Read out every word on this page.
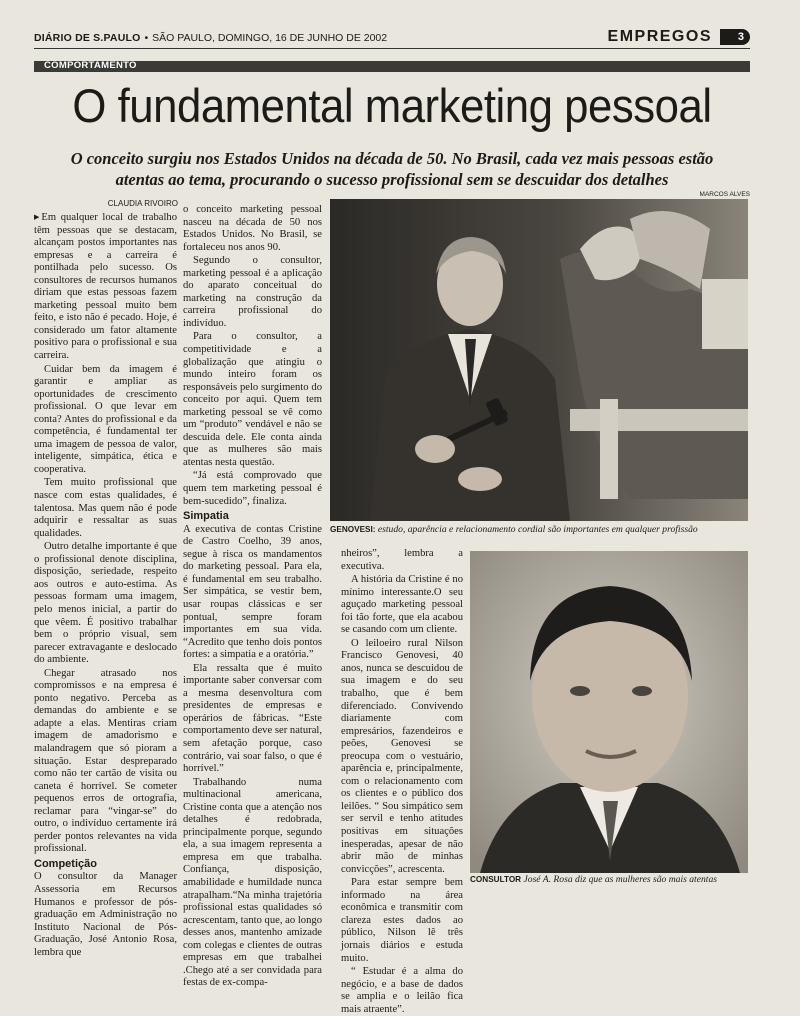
DIÁRIO DE S.PAULO • SÃO PAULO, DOMINGO, 16 DE JUNHO DE 2002	EMPREGOS	3
COMPORTAMENTO
O fundamental marketing pessoal
O conceito surgiu nos Estados Unidos na década de 50. No Brasil, cada vez mais pessoas estão
atentas ao tema, procurando o sucesso profissional sem se descuidar dos detalhes
CLAUDIA RIVOIRO
MARCOS ALVES

▶Em qualquer local de trabalho têm pessoas que se destacam, alcançam postos importantes nas empresas e a carreira é pontilhada pelo sucesso. Os consultores de recursos humanos diriam que estas pessoas fazem marketing pessoal muito bem feito, e isto não é pecado. Hoje, é considerado um fator altamente positivo para o profissional e sua carreira.

Cuidar bem da imagem é garantir e ampliar as oportunidades de crescimento profissional. O que levar em conta? Antes do profissional e da competência, é fundamental ter uma imagem de pessoa de valor, inteligente, simpática, ética e cooperativa.

Tem muito profissional que nasce com estas qualidades, é talentosa. Mas quem não é pode adquirir e ressaltar as suas qualidades.

Outro detalhe importante é que o profissional denote disciplina, disposição, seriedade, respeito aos outros e auto-estima. As pessoas formam uma imagem, pelo menos inicial, a partir do que vêem. É positivo trabalhar bem o próprio visual, sem parecer extravagante e deslocado do ambiente.

Chegar atrasado nos compromissos e na empresa é ponto negativo. Perceba as demandas do ambiente e se adapte a elas. Mentiras criam imagem de amadorismo e malandragem que só pioram a situação. Estar despreparado como não ter cartão de visita ou caneta é horrível. Se cometer pequenos erros de ortografia, reclamar para “vingar-se” do outro, o indivíduo certamente irá perder pontos relevantes na vida profissional.

Competição

O consultor da Manager Assessoria em Recursos Humanos e professor de pós-graduação em Administração no Instituto Nacional de Pós-Graduação, José Antonio Rosa, lembra que

o conceito marketing pessoal nasceu na década de 50 nos Estados Unidos. No Brasil, se fortaleceu nos anos 90.

Segundo o consultor, marketing pessoal é a aplicação do aparato conceitual do marketing na construção da carreira profissional do indivíduo.

Para o consultor, a competitividade e a globalização que atingiu o mundo inteiro foram os responsáveis pelo surgimento do conceito por aqui. Quem tem marketing pessoal se vê como um “produto” vendável e não se descuida dele. Ele conta ainda que as mulheres são mais atentas nesta questão.

“Já está comprovado que quem tem marketing pessoal é bem-sucedido”, finaliza.

Simpatia

A executiva de contas Cristine de Castro Coelho, 39 anos, segue à risca os mandamentos do marketing pessoal. Para ela, é fundamental em seu trabalho. Ser simpática, se vestir bem, usar roupas clássicas e ser pontual, sempre foram importantes em sua vida. “Acredito que tenho dois pontos fortes: a simpatia e a oratória.”

Ela ressalta que é muito importante saber conversar com a mesma desenvoltura com presidentes de empresas e operários de fábricas. “Este comportamento deve ser natural, sem afetação porque, caso contrário, vai soar falso, o que é horrível.”

Trabalhando numa multinacional americana, Cristine conta que a atenção nos detalhes é redobrada, principalmente porque, segundo ela, a sua imagem representa a empresa em que trabalha. Confiança, disposição, amabilidade e humildade nunca atrapalham.“Na minha trajetória profissional estas qualidades só acrescentam, tanto que, ao longo desses anos, mantenho amizade com colegas e clientes de outras empresas em que trabalhei .Chego até a ser convidada para festas de ex-compa-

GENOVESI: estudo, aparência e relacionamento cordial são importantes em qualquer profissão

nheiros”, lembra a executiva.

A história da Cristine é no mínimo interessante.O seu aguçado marketing pessoal foi tão forte, que ela acabou se casando com um cliente.

O leiloeiro rural Nilson Francisco Genovesi, 40 anos, nunca se descuidou de sua imagem e do seu trabalho, que é bem diferenciado. Convivendo diariamente com empresários, fazendeiros e peões, Genovesi se preocupa com o vestuário, aparência e, principalmente, com o relacionamento com os clientes e o público dos leilões. “ Sou simpático sem ser servil e tenho atitudes positivas em situações inesperadas, apesar de não abrir mão de minhas convicções”, acrescenta.

Para estar sempre bem informado na área econômica e transmitir com clareza estes dados ao público, Nilson lê três jornais diários e estuda muito.

“ Estudar é a alma do negócio, e a base de dados se amplia e o leilão fica mais atraente”.

CONSULTOR José A. Rosa diz que as mulheres são mais atentas
